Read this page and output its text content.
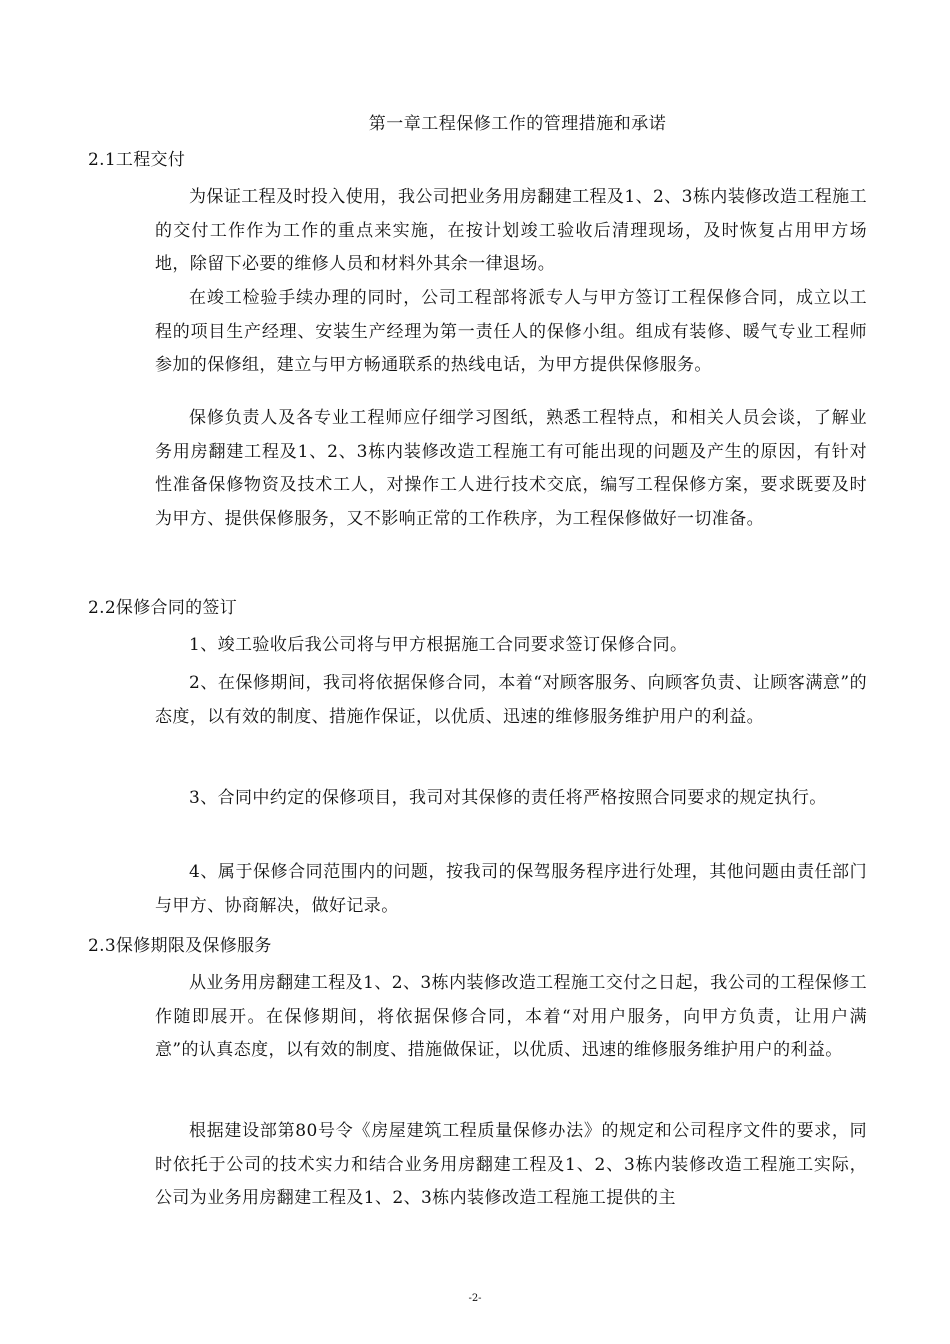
第一章工程保修工作的管理措施和承诺
2.1工程交付
为保证工程及时投入使用，我公司把业务用房翻建工程及1、2、3栋内装修改造工程施工的交付工作作为工作的重点来实施，在按计划竣工验收后清理现场，及时恢复占用甲方场地，除留下必要的维修人员和材料外其余一律退场。
在竣工检验手续办理的同时，公司工程部将派专人与甲方签订工程保修合同，成立以工程的项目生产经理、安装生产经理为第一责任人的保修小组。组成有装修、暖气专业工程师参加的保修组，建立与甲方畅通联系的热线电话，为甲方提供保修服务。
保修负责人及各专业工程师应仔细学习图纸，熟悉工程特点，和相关人员会谈，了解业务用房翻建工程及1、2、3栋内装修改造工程施工有可能出现的问题及产生的原因，有针对性准备保修物资及技术工人，对操作工人进行技术交底，编写工程保修方案，要求既要及时为甲方、提供保修服务，又不影响正常的工作秩序，为工程保修做好一切准备。
2.2保修合同的签订
1、竣工验收后我公司将与甲方根据施工合同要求签订保修合同。
2、在保修期间，我司将依据保修合同，本着“对顾客服务、向顾客负责、让顾客满意”的态度，以有效的制度、措施作保证，以优质、迅速的维修服务维护用户的利益。
3、合同中约定的保修项目，我司对其保修的责任将严格按照合同要求的规定执行。
4、属于保修合同范围内的问题，按我司的保驾服务程序进行处理，其他问题由责任部门与甲方、协商解决，做好记录。
2.3保修期限及保修服务
从业务用房翻建工程及1、2、3栋内装修改造工程施工交付之日起，我公司的工程保修工作随即展开。在保修期间，将依据保修合同，本着“对用户服务，向甲方负责，让用户满意”的认真态度，以有效的制度、措施做保证，以优质、迅速的维修服务维护用户的利益。
根据建设部第80号令《房屋建筑工程质量保修办法》的规定和公司程序文件的要求，同时依托于公司的技术实力和结合业务用房翻建工程及1、2、3栋内装修改造工程施工实际，公司为业务用房翻建工程及1、2、3栋内装修改造工程施工提供的主
-2-
